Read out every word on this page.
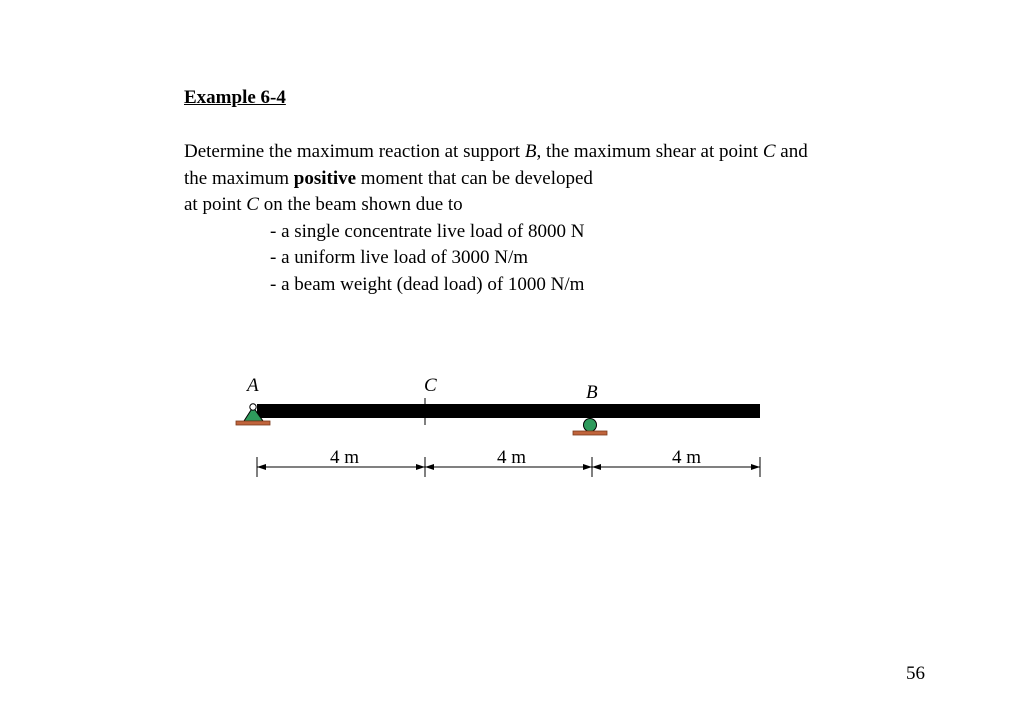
Example 6-4
Determine the maximum reaction at support B, the maximum shear at point C and
the maximum positive moment that can be developed
at point C on the beam shown due to
- a single concentrate live load of 8000 N
- a uniform live load of 3000 N/m
- a beam weight (dead load) of 1000 N/m
A	C	B
4 m	4 m	4 m
56
